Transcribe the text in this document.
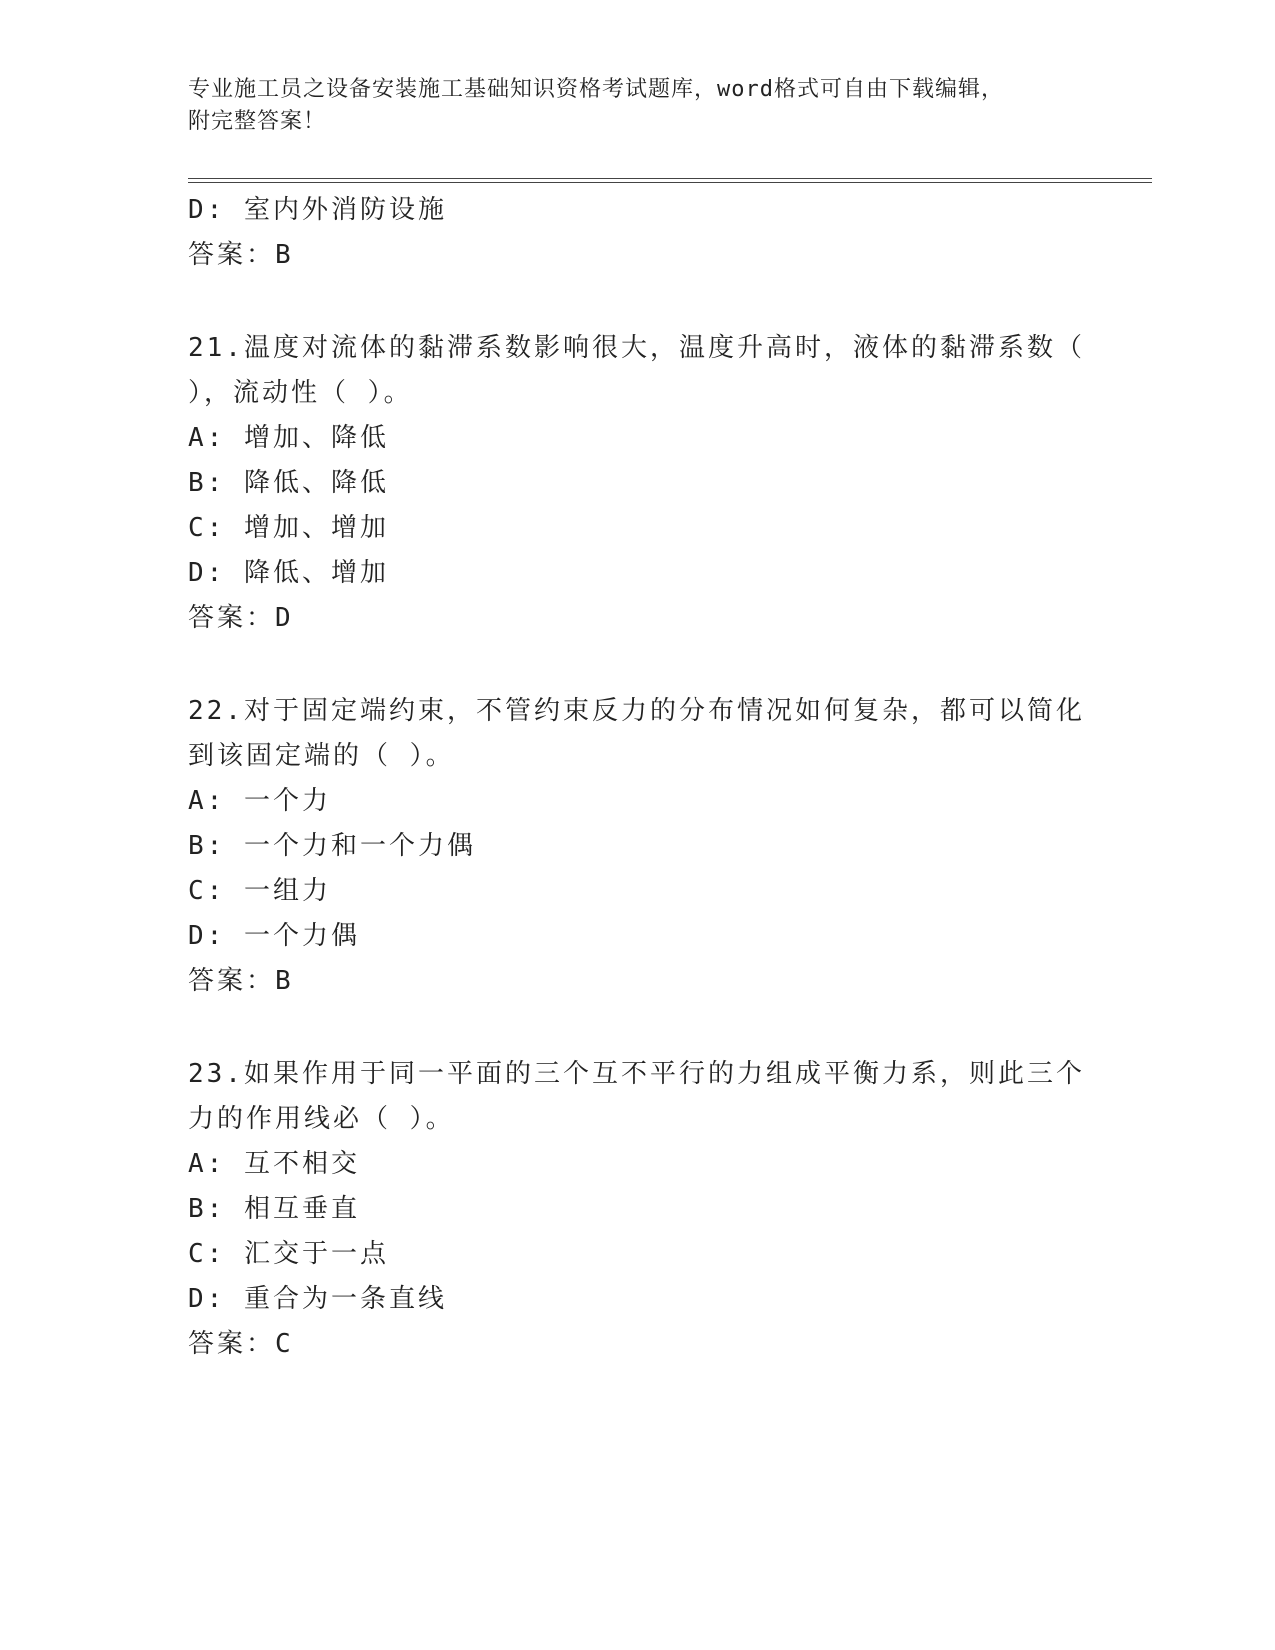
专业施工员之设备安装施工基础知识资格考试题库，word格式可自由下载编辑，
附完整答案！
D: 室内外消防设施
答案：B
21.温度对流体的黏滞系数影响很大，温度升高时，液体的黏滞系数（
），流动性（ ）。
A: 增加、降低
B: 降低、降低
C: 增加、增加
D: 降低、增加
答案：D
22.对于固定端约束，不管约束反力的分布情况如何复杂，都可以简化
到该固定端的（ ）。
A: 一个力
B: 一个力和一个力偶
C: 一组力
D: 一个力偶
答案：B
23.如果作用于同一平面的三个互不平行的力组成平衡力系，则此三个
力的作用线必（ ）。
A: 互不相交
B: 相互垂直
C: 汇交于一点
D: 重合为一条直线
答案：C
